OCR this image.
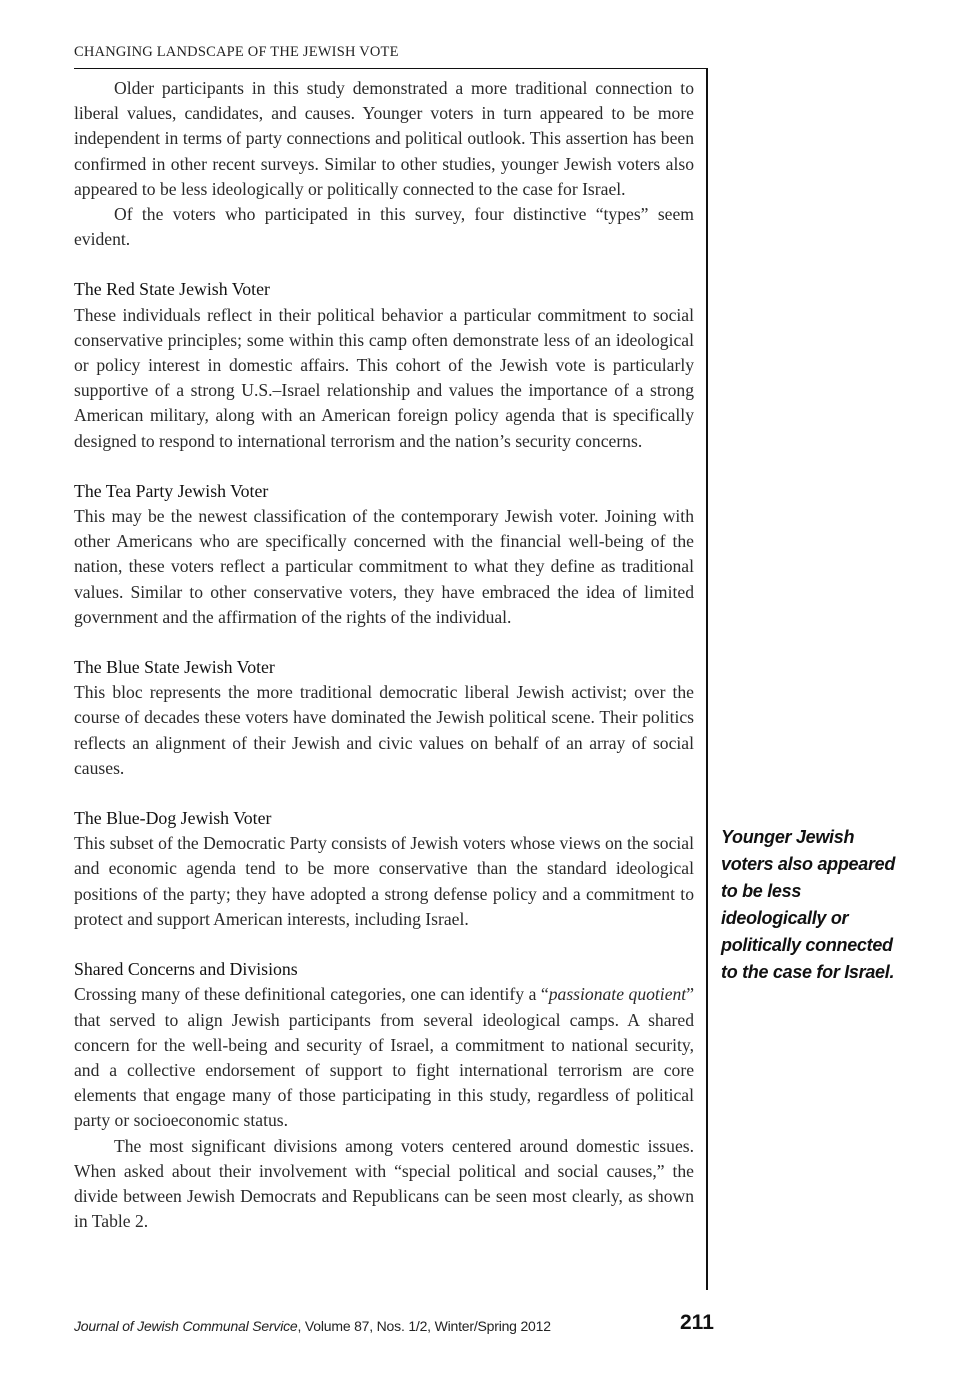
CHANGING LANDSCAPE OF THE JEWISH VOTE

Older participants in this study demonstrated a more traditional connection to liberal values, candidates, and causes. Younger voters in turn appeared to be more independent in terms of party connections and political outlook. This assertion has been confirmed in other recent surveys. Similar to other studies, younger Jewish voters also appeared to be less ideologically or politically connected to the case for Israel.

Of the voters who participated in this survey, four distinctive “types” seem evident.

The Red State Jewish Voter

These individuals reflect in their political behavior a particular commitment to social conservative principles; some within this camp often demonstrate less of an ideological or policy interest in domestic affairs. This cohort of the Jewish vote is particularly supportive of a strong U.S.–Israel relationship and values the importance of a strong American military, along with an American foreign policy agenda that is specifically designed to respond to international terrorism and the nation’s security concerns.

The Tea Party Jewish Voter

This may be the newest classification of the contemporary Jewish voter. Joining with other Americans who are specifically concerned with the financial well-being of the nation, these voters reflect a particular commitment to what they define as traditional values. Similar to other conservative voters, they have embraced the idea of limited government and the affirmation of the rights of the individual.

The Blue State Jewish Voter

This bloc represents the more traditional democratic liberal Jewish activist; over the course of decades these voters have dominated the Jewish political scene. Their politics reflects an alignment of their Jewish and civic values on behalf of an array of social causes.

The Blue-Dog Jewish Voter

This subset of the Democratic Party consists of Jewish voters whose views on the social and economic agenda tend to be more conservative than the standard ideological positions of the party; they have adopted a strong defense policy and a commitment to protect and support American interests, including Israel.

Shared Concerns and Divisions

Crossing many of these definitional categories, one can identify a “passionate quotient” that served to align Jewish participants from several ideological camps. A shared concern for the well-being and security of Israel, a commitment to national security, and a collective endorsement of support to fight international terrorism are core elements that engage many of those participating in this study, regardless of political party or socioeconomic status.

The most significant divisions among voters centered around domestic issues. When asked about their involvement with “special political and social causes,” the divide between Jewish Democrats and Republicans can be seen most clearly, as shown in Table 2.

Younger Jewish voters also appeared to be less ideologically or politically connected to the case for Israel.
Journal of Jewish Communal Service, Volume 87, Nos. 1/2, Winter/Spring 2012	211
